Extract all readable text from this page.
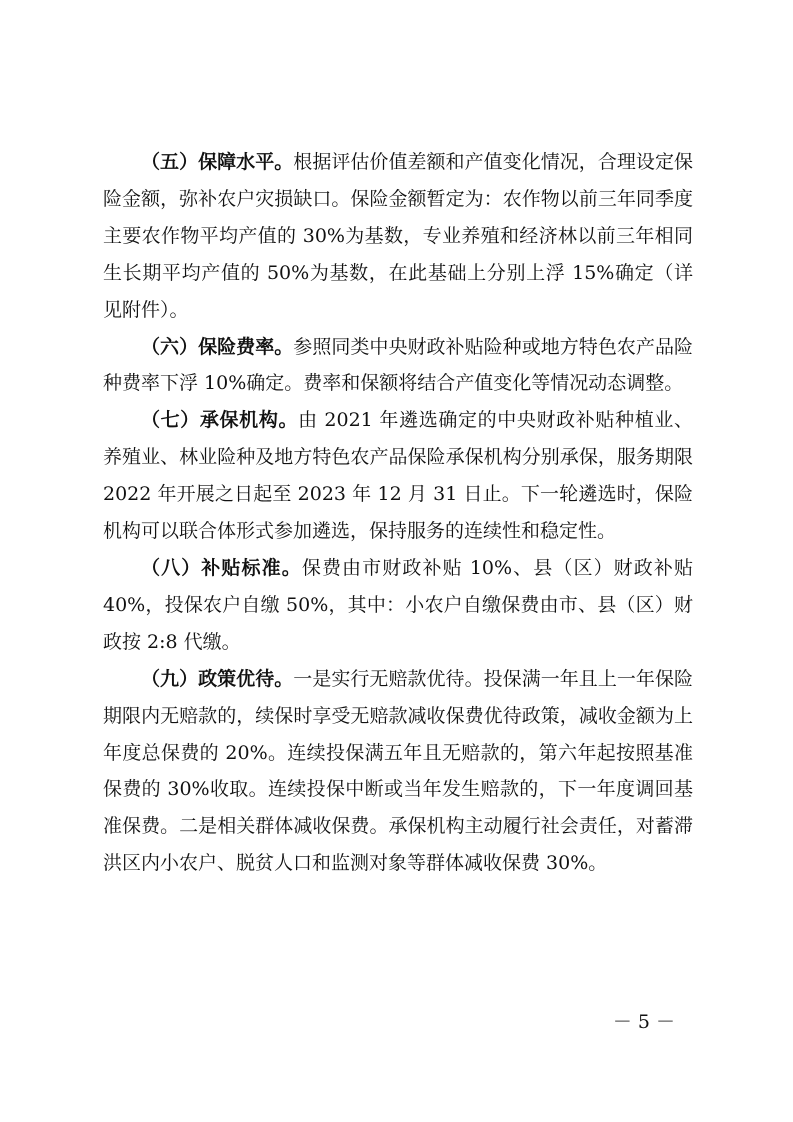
（五）保障水平。根据评估价值差额和产值变化情况，合理设定保险金额，弥补农户灾损缺口。保险金额暂定为：农作物以前三年同季度主要农作物平均产值的 30%为基数，专业养殖和经济林以前三年相同生长期平均产值的 50%为基数，在此基础上分别上浮 15%确定（详见附件）。

（六）保险费率。参照同类中央财政补贴险种或地方特色农产品险种费率下浮 10%确定。费率和保额将结合产值变化等情况动态调整。

（七）承保机构。由 2021 年遴选确定的中央财政补贴种植业、养殖业、林业险种及地方特色农产品保险承保机构分别承保，服务期限 2022 年开展之日起至 2023 年 12 月 31 日止。下一轮遴选时，保险机构可以联合体形式参加遴选，保持服务的连续性和稳定性。

（八）补贴标准。保费由市财政补贴 10%、县（区）财政补贴 40%，投保农户自缴 50%，其中：小农户自缴保费由市、县（区）财政按 2:8 代缴。

（九）政策优待。一是实行无赔款优待。投保满一年且上一年保险期限内无赔款的，续保时享受无赔款减收保费优待政策，减收金额为上年度总保费的 20%。连续投保满五年且无赔款的，第六年起按照基准保费的 30%收取。连续投保中断或当年发生赔款的，下一年度调回基准保费。二是相关群体减收保费。承保机构主动履行社会责任，对蓄滞洪区内小农户、脱贫人口和监测对象等群体减收保费 30%。

－ 5 －
